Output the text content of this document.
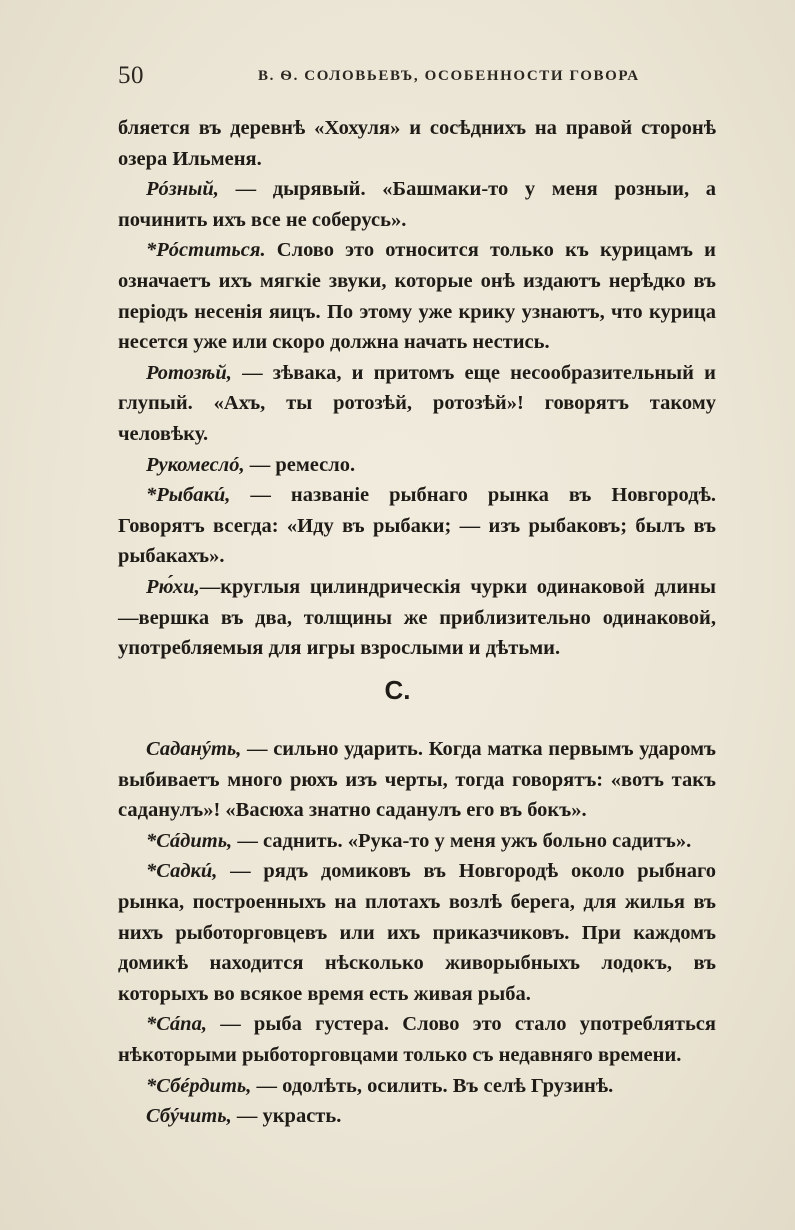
50	В. Ѳ. СОЛОВЬЕВЪ, ОСОБЕННОСТИ ГОВОРА

бляется въ деревнѣ «Хохуля» и сосѣднихъ на правой сторонѣ озера Ильменя.

Рóзный, — дырявый. «Башмаки-то у меня розныи, а починить ихъ все не соберусь».

*Рóститься. Слово это относится только къ курицамъ и означаетъ ихъ мягкіе звуки, которые онѣ издаютъ нерѣдко въ періодъ несенія яицъ. По этому уже крику узнаютъ, что курица несется уже или скоро должна начать нестись.

Ротозѣй, — зѣвака, и притомъ еще несообразительный и глупый. «Ахъ, ты ротозѣй, ротозѣй»! говорятъ такому человѣку.

Рукомеслó, — ремесло.

*Рыбакú, — названіе рыбнаго рынка въ Новгородѣ. Говорятъ всегда: «Иду въ рыбаки; — изъ рыбаковъ; былъ въ рыбакахъ».

Рю́хи,—круглыя цилиндрическія чурки одинаковой длины—вершка въ два, толщины же приблизительно одинаковой, употребляемыя для игры взрослыми и дѣтьми.

С.

Саданýть, — сильно ударить. Когда матка первымъ ударомъ выбиваетъ много рюхъ изъ черты, тогда говорятъ: «вотъ такъ саданулъ»! «Васюха знатно саданулъ его въ бокъ».

*Сáдить, — саднить. «Рука-то у меня ужъ больно садитъ».

*Садкú, — рядъ домиковъ въ Новгородѣ около рыбнаго рынка, построенныхъ на плотахъ возлѣ берега, для жилья въ нихъ рыботорговцевъ или ихъ приказчиковъ. При каждомъ домикѣ находится нѣсколько живорыбныхъ лодокъ, въ которыхъ во всякое время есть живая рыба.

*Сáпа, — рыба густера. Слово это стало употребляться нѣкоторыми рыботорговцами только съ недавняго времени.

*Сбéрдить, — одолѣть, осилить. Въ селѣ Грузинѣ.

Сбýчить, — украсть.
